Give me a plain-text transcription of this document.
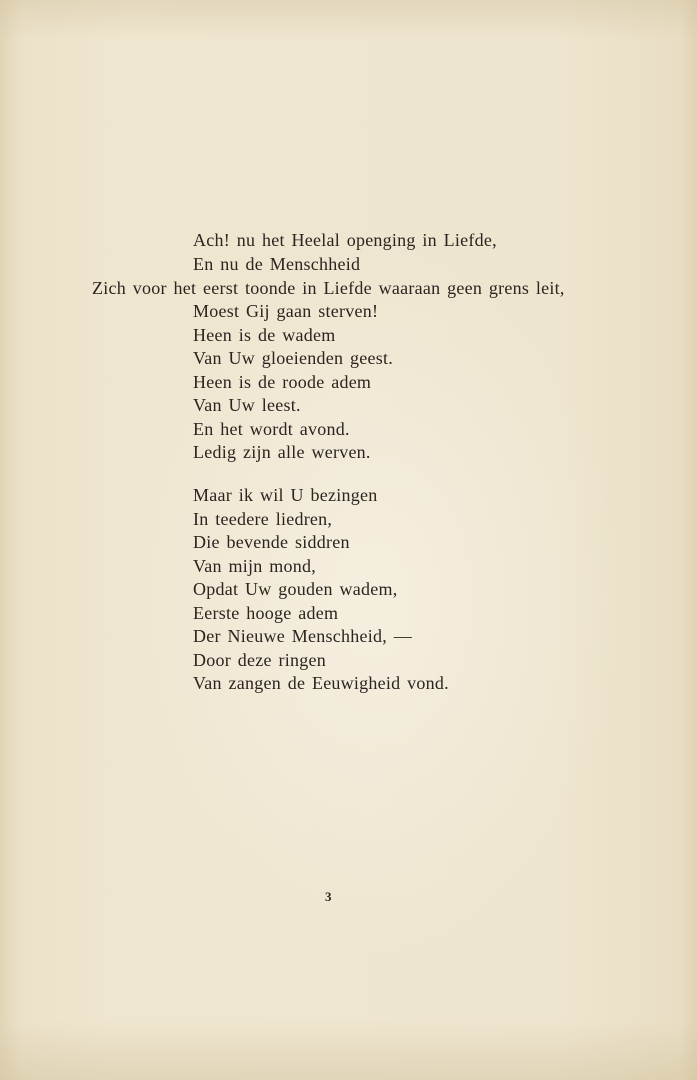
Ach! nu het Heelal openging in Liefde,
En nu de Menschheid
Zich voor het eerst toonde in Liefde waaraan geen grens leit,
Moest Gij gaan sterven!
Heen is de wadem
Van Uw gloeienden geest.
Heen is de roode adem
Van Uw leest.
En het wordt avond.
Ledig zijn alle werven.
Maar ik wil U bezingen
In teedere liedren,
Die bevende siddren
Van mijn mond,
Opdat Uw gouden wadem,
Eerste hooge adem
Der Nieuwe Menschheid, —
Door deze ringen
Van zangen de Eeuwigheid vond.
3
